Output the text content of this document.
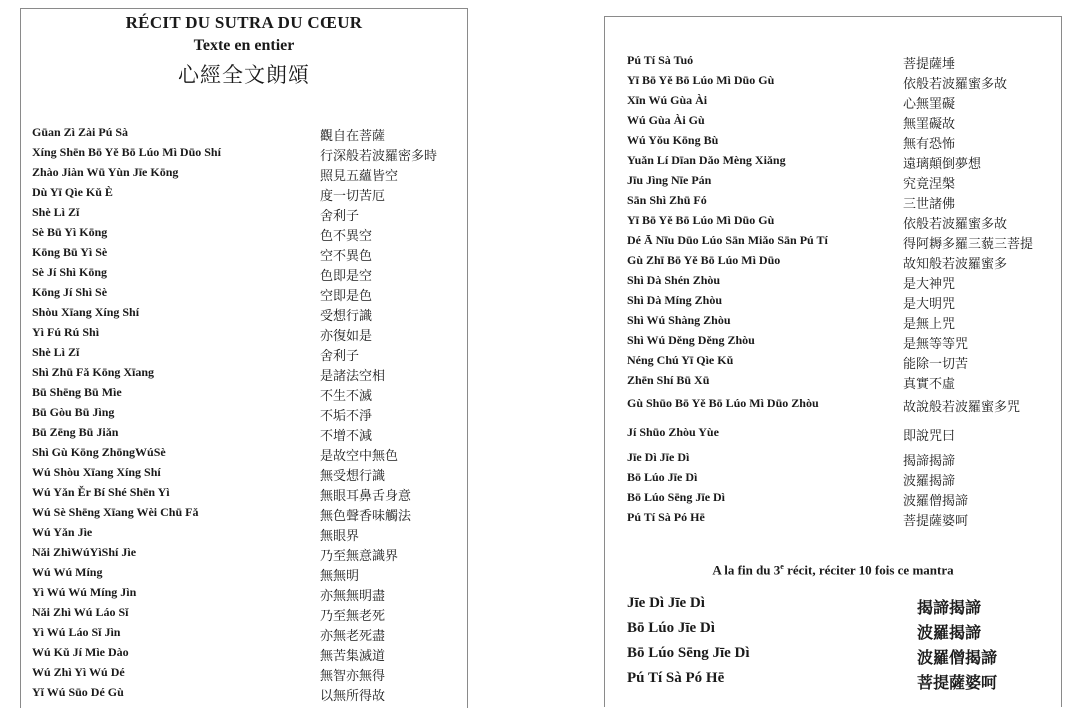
RÉCIT DU SUTRA DU CŒUR
Texte en entier
心經全文朗頌
Gūan Zì Zài Pú Sà	觀自在菩薩
Xíng Shēn Bō Yě Bō Lúo Mì Dūo Shí	行深般若波羅密多時
Zhào Jiàn Wū Yùn Jīe Kōng	照見五蘊皆空
Dù Yī Qìe Kǔ È	度一切苦厄
Shè Lì Zǐ	舍利子
Sè Bū Yì Kōng	色不異空
Kōng Bū Yì Sè	空不異色
Sè Jí Shì Kōng	色即是空
Kōng Jí Shì Sè	空即是色
Shòu Xīang Xíng Shí	受想行識
Yì Fú Rú Shì	亦復如是
Shè Lì Zǐ	舍利子
Shì Zhū Fǎ Kōng Xīang	是諸法空相
Bū Shēng Bū Mìe	不生不滅
Bū Gòu Bū Jìng	不垢不淨
Bū Zēng Bū Jiǎn	不增不減
Shì Gù Kōng ZhōngWúSè	是故空中無色
Wú Shòu Xīang Xíng Shí	無受想行識
Wú Yǎn Ěr Bí Shé Shēn Yì	無眼耳鼻舌身意
Wú Sè Shēng Xīang Wèi Chū Fǎ	無色聲香味觸法
Wú Yǎn Jìe	無眼界
Nǎi ZhìWúYìShí Jìe	乃至無意識界
Wú Wú Míng	無無明
Yì Wú Wú Míng Jìn	亦無無明盡
Nǎi Zhì Wú Láo Sǐ	乃至無老死
Yì Wú Láo Sǐ Jìn	亦無老死盡
Wú Kǔ Jí Mìe Dào	無苦集滅道
Wú Zhì Yì Wú Dé	無智亦無得
Yǐ Wú Sūo Dé Gù	以無所得故
Pú Tí Sà Tuó	菩提薩埵
Yī Bō Yě Bō Lúo Mì Dūo Gù	依般若波羅蜜多故
Xīn Wú Gùa Ài	心無罣礙
Wú Gùa Ài Gù	無罣礙故
Wú Yǒu Kōng Bù	無有恐怖
Yuǎn Lí Dīan Dǎo Mèng Xiǎng	遠璃顛倒夢想
Jīu Jìng Nīe Pán	究竟涅槃
Sān Shì Zhū Fó	三世諸佛
Yī Bō Yě Bō Lúo Mì Dūo Gù	依般若波羅蜜多故
Dé Ā Nīu Dūo Lúo Sān Miǎo Sān Pú Tí	得阿耨多羅三藐三菩提
Gù Zhī Bō Yě Bō Lúo Mì Dūo	故知般若波羅蜜多
Shì Dà Shén Zhòu	是大神咒
Shì Dà Míng Zhòu	是大明咒
Shì Wú Shàng Zhòu	是無上咒
Shì Wú Děng Děng Zhòu	是無等等咒
Néng Chú Yī Qìe Kǔ	能除一切苦
Zhēn Shí Bū Xū	真實不虛
Gù Shūo Bō Yě Bō Lúo Mì Dūo Zhòu	故說般若波羅蜜多咒
Jí Shūo Zhòu Yùe	即說咒曰
Jīe Dì Jīe Dì	揭諦揭諦
Bō Lúo Jīe Dì	波羅揭諦
Bō Lúo Sēng Jīe Dì	波羅僧揭諦
Pú Tí Sà Pó Hē	菩提薩婆呵
A la fin du 3e récit, réciter 10 fois ce mantra
Jīe Dì Jīe Dì	揭諦揭諦
Bō Lúo Jīe Dì	波羅揭諦
Bō Lúo Sēng Jīe Dì	波羅僧揭諦
Pú Tí Sà Pó Hē	菩提薩婆呵
